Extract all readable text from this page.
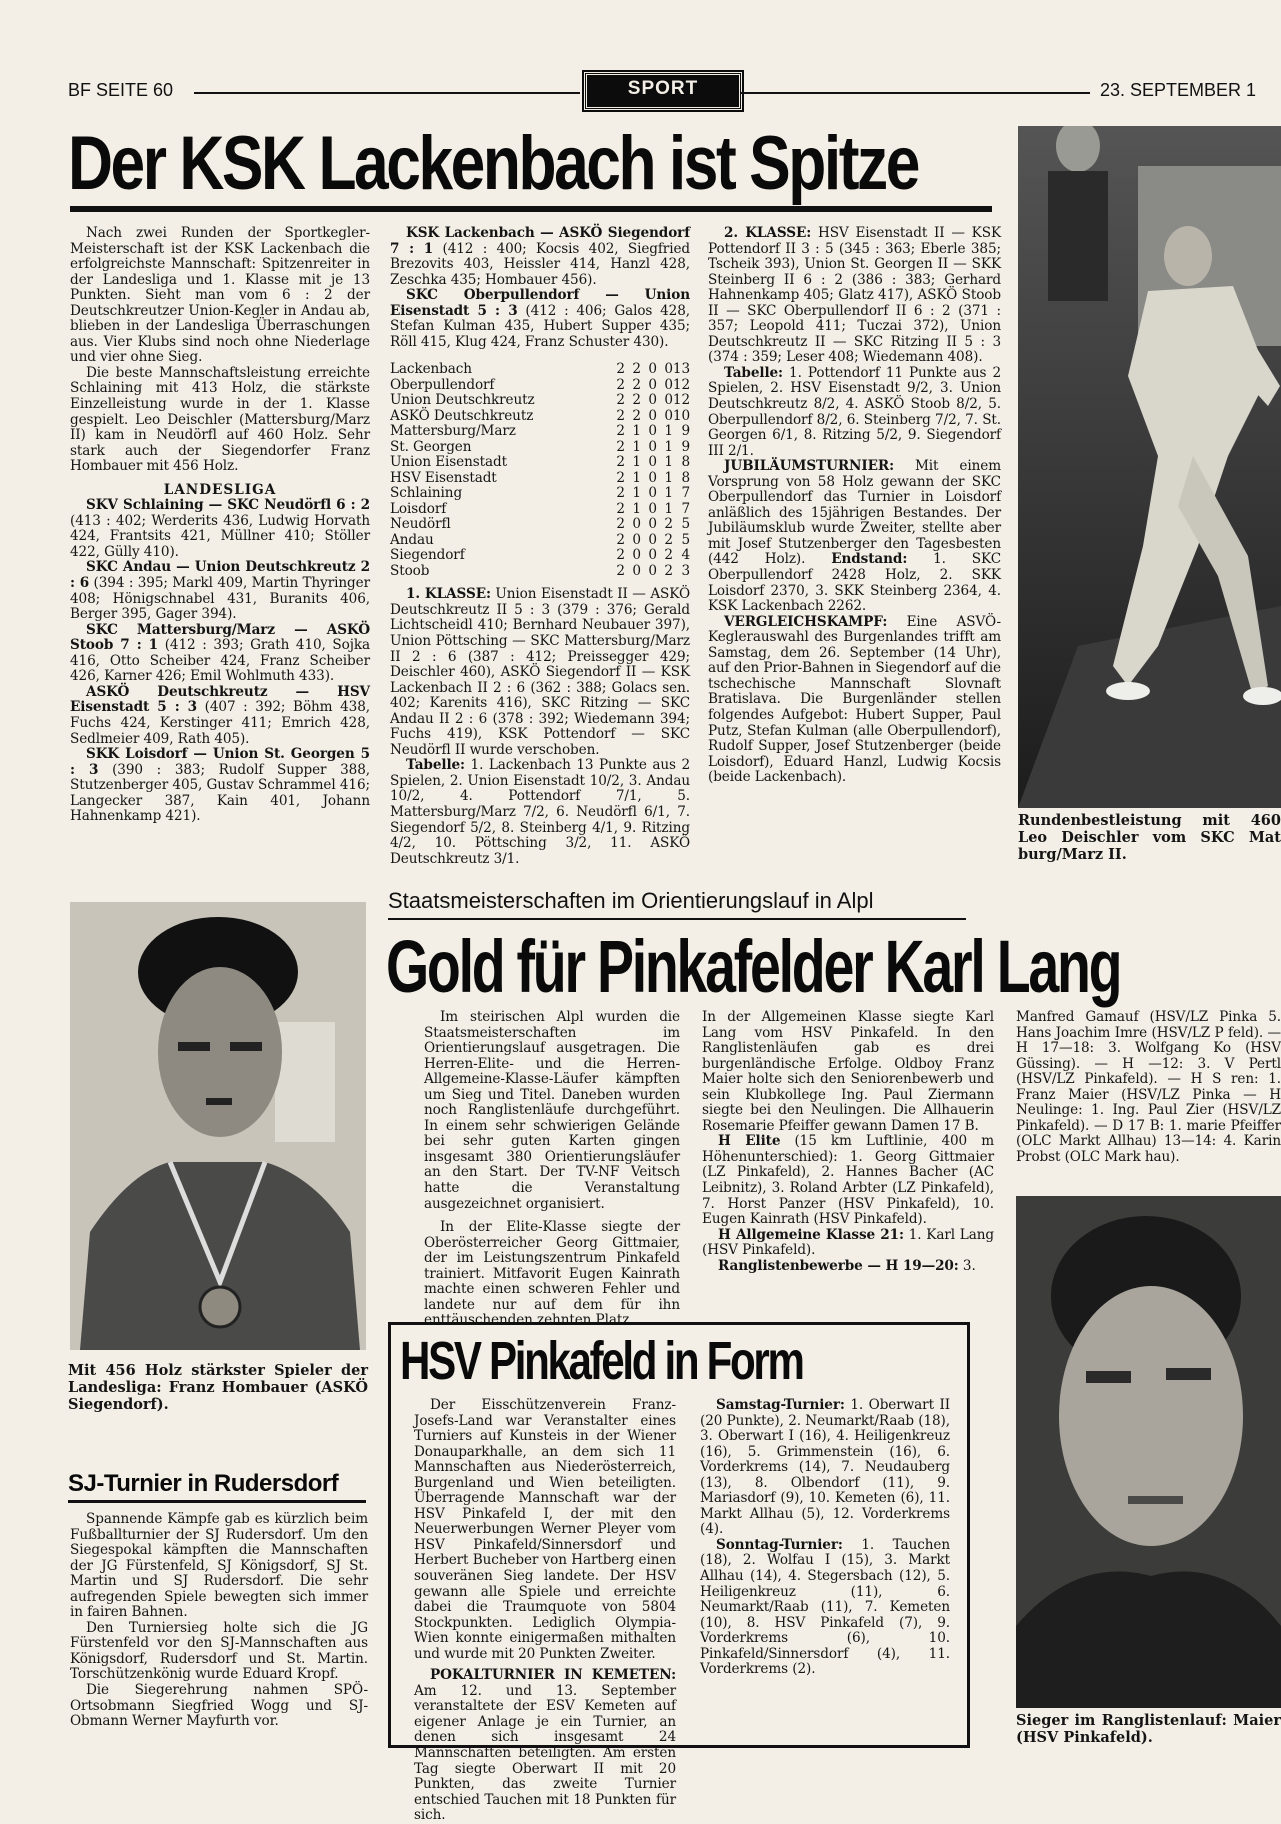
BF SEITE 60	SPORT	23. SEPTEMBER 1
Der KSK Lackenbach ist Spitze

Nach zwei Runden der Sportkegler-Meisterschaft ist der KSK Lackenbach die erfolgreichste Mannschaft: Spitzenreiter in der Landesliga und 1. Klasse mit je 13 Punkten. Sieht man vom 6 : 2 der Deutschkreutzer Union-Kegler in Andau ab, blieben in der Landesliga Überraschungen aus. Vier Klubs sind noch ohne Niederlage und vier ohne Sieg.

Die beste Mannschaftsleistung erreichte Schlaining mit 413 Holz, die stärkste Einzelleistung wurde in der 1. Klasse gespielt. Leo Deischler (Mattersburg/Marz II) kam in Neudörfl auf 460 Holz. Sehr stark auch der Siegendorfer Franz Hombauer mit 456 Holz.

LANDESLIGA

SKV Schlaining — SKC Neudörfl 6 : 2 (413 : 402; Werderits 436, Ludwig Horvath 424, Frantsits 421, Müllner 410; Stöller 422, Gülly 410).

SKC Andau — Union Deutschkreutz 2 : 6 (394 : 395; Markl 409, Martin Thyringer 408; Hönigschnabel 431, Buranits 406, Berger 395, Gager 394).

SKC Mattersburg/Marz — ASKÖ Stoob 7 : 1 (412 : 393; Grath 410, Sojka 416, Otto Scheiber 424, Franz Scheiber 426, Karner 426; Emil Wohlmuth 433).

ASKÖ Deutschkreutz — HSV Eisenstadt 5 : 3 (407 : 392; Böhm 438, Fuchs 424, Kerstinger 411; Emrich 428, Sedlmeier 409, Rath 405).

SKK Loisdorf — Union St. Georgen 5 : 3 (390 : 383; Rudolf Supper 388, Stutzenberger 405, Gustav Schrammel 416; Langecker 387, Kain 401, Johann Hahnenkamp 421).

KSK Lackenbach — ASKÖ Siegendorf 7 : 1 (412 : 400; Kocsis 402, Siegfried Brezovits 403, Heissler 414, Hanzl 428, Zeschka 435; Hombauer 456).

SKC Oberpullendorf — Union Eisenstadt 5 : 3 (412 : 406; Galos 428, Stefan Kulman 435, Hubert Supper 435; Röll 415, Klug 424, Franz Schuster 430).

Lackenbach	2	2	0	0	13
Oberpullendorf	2	2	0	0	12
Union Deutschkreutz	2	2	0	0	12
ASKÖ Deutschkreutz	2	2	0	0	10
Mattersburg/Marz	2	1	0	1	9
St. Georgen	2	1	0	1	9
Union Eisenstadt	2	1	0	1	8
HSV Eisenstadt	2	1	0	1	8
Schlaining	2	1	0	1	7
Loisdorf	2	1	0	1	7
Neudörfl	2	0	0	2	5
Andau	2	0	0	2	5
Siegendorf	2	0	0	2	4
Stoob	2	0	0	2	3

1. KLASSE: Union Eisenstadt II — ASKÖ Deutschkreutz II 5 : 3 (379 : 376; Gerald Lichtscheidl 410; Bernhard Neubauer 397), Union Pöttsching — SKC Mattersburg/Marz II 2 : 6 (387 : 412; Preissegger 429; Deischler 460), ASKÖ Siegendorf II — KSK Lackenbach II 2 : 6 (362 : 388; Golacs sen. 402; Karenits 416), SKC Ritzing — SKC Andau II 2 : 6 (378 : 392; Wiedemann 394; Fuchs 419), KSK Pottendorf — SKC Neudörfl II wurde verschoben.

Tabelle: 1. Lackenbach 13 Punkte aus 2 Spielen, 2. Union Eisenstadt 10/2, 3. Andau 10/2, 4. Pottendorf 7/1, 5. Mattersburg/Marz 7/2, 6. Neudörfl 6/1, 7. Siegendorf 5/2, 8. Steinberg 4/1, 9. Ritzing 4/2, 10. Pöttsching 3/2, 11. ASKÖ Deutschkreutz 3/1.

2. KLASSE: HSV Eisenstadt II — KSK Pottendorf II 3 : 5 (345 : 363; Eberle 385; Tscheik 393), Union St. Georgen II — SKK Steinberg II 6 : 2 (386 : 383; Gerhard Hahnenkamp 405; Glatz 417), ASKÖ Stoob II — SKC Oberpullendorf II 6 : 2 (371 : 357; Leopold 411; Tuczai 372), Union Deutschkreutz II — SKC Ritzing II 5 : 3 (374 : 359; Leser 408; Wiedemann 408).

Tabelle: 1. Pottendorf 11 Punkte aus 2 Spielen, 2. HSV Eisenstadt 9/2, 3. Union Deutschkreutz 8/2, 4. ASKÖ Stoob 8/2, 5. Oberpullendorf 8/2, 6. Steinberg 7/2, 7. St. Georgen 6/1, 8. Ritzing 5/2, 9. Siegendorf III 2/1.

JUBILÄUMSTURNIER: Mit einem Vorsprung von 58 Holz gewann der SKC Oberpullendorf das Turnier in Loisdorf anläßlich des 15jährigen Bestandes. Der Jubiläumsklub wurde Zweiter, stellte aber mit Josef Stutzenberger den Tagesbesten (442 Holz). Endstand: 1. SKC Oberpullendorf 2428 Holz, 2. SKK Loisdorf 2370, 3. SKK Steinberg 2364, 4. KSK Lackenbach 2262.

VERGLEICHSKAMPF: Eine ASVÖ-Keglerauswahl des Burgenlandes trifft am Samstag, dem 26. September (14 Uhr), auf den Prior-Bahnen in Siegendorf auf die tschechische Mannschaft Slovnaft Bratislava. Die Burgenländer stellen folgendes Aufgebot: Hubert Supper, Paul Putz, Stefan Kulman (alle Oberpullendorf), Rudolf Supper, Josef Stutzenberger (beide Loisdorf), Eduard Hanzl, Ludwig Kocsis (beide Lackenbach).

Rundenbestleistung mit 460 Leo Deischler vom SKC Mat burg/Marz II.
Staatsmeisterschaften im Orientierungslauf in Alpl
Gold für Pinkafelder Karl Lang

Im steirischen Alpl wurden die Staatsmeisterschaften im Orientierungslauf ausgetragen. Die Herren-Elite- und die Herren-Allgemeine-Klasse-Läufer kämpften um Sieg und Titel. Daneben wurden noch Ranglistenläufe durchgeführt. In einem sehr schwierigen Gelände bei sehr guten Karten gingen insgesamt 380 Orientierungsläufer an den Start. Der TV-NF Veitsch hatte die Veranstaltung ausgezeichnet organisiert.

In der Elite-Klasse siegte der Oberösterreicher Georg Gittmaier, der im Leistungszentrum Pinkafeld trainiert. Mitfavorit Eugen Kainrath machte einen schweren Fehler und landete nur auf dem für ihn enttäuschenden zehnten Platz.

In der Allgemeinen Klasse siegte Karl Lang vom HSV Pinkafeld. In den Ranglistenläufen gab es drei burgenländische Erfolge. Oldboy Franz Maier holte sich den Seniorenbewerb und sein Klubkollege Ing. Paul Ziermann siegte bei den Neulingen. Die Allhauerin Rosemarie Pfeiffer gewann Damen 17 B.

H Elite (15 km Luftlinie, 400 m Höhenunterschied): 1. Georg Gittmaier (LZ Pinkafeld), 2. Hannes Bacher (AC Leibnitz), 3. Roland Arbter (LZ Pinkafeld), 7. Horst Panzer (HSV Pinkafeld), 10. Eugen Kainrath (HSV Pinkafeld).

H Allgemeine Klasse 21: 1. Karl Lang (HSV Pinkafeld).

Ranglistenbewerbe — H 19—20: 3.

Manfred Gamauf (HSV/LZ Pinka 5. Hans Joachim Imre (HSV/LZ P feld). — H 17—18: 3. Wolfgang Ko (HSV Güssing). — H —12: 3. V Pertl (HSV/LZ Pinkafeld). — H S ren: 1. Franz Maier (HSV/LZ Pinka — H Neulinge: 1. Ing. Paul Zier (HSV/LZ Pinkafeld). — D 17 B: 1. marie Pfeiffer (OLC Markt Allhau) 13—14: 4. Karin Probst (OLC Mark hau).

Sieger im Ranglistenlauf: Maier (HSV Pinkafeld).
Mit 456 Holz stärkster Spieler der Landesliga: Franz Hombauer (ASKÖ Siegendorf).
SJ-Turnier in Rudersdorf

Spannende Kämpfe gab es kürzlich beim Fußballturnier der SJ Rudersdorf. Um den Siegespokal kämpften die Mannschaften der JG Fürstenfeld, SJ Königsdorf, SJ St. Martin und SJ Rudersdorf. Die sehr aufregenden Spiele bewegten sich immer in fairen Bahnen.

Den Turniersieg holte sich die JG Fürstenfeld vor den SJ-Mannschaften aus Königsdorf, Rudersdorf und St. Martin. Torschützenkönig wurde Eduard Kropf.

Die Siegerehrung nahmen SPÖ-Ortsobmann Siegfried Wogg und SJ-Obmann Werner Mayfurth vor.

HSV Pinkafeld in Form

Der Eisschützenverein Franz-Josefs-Land war Veranstalter eines Turniers auf Kunsteis in der Wiener Donauparkhalle, an dem sich 11 Mannschaften aus Niederösterreich, Burgenland und Wien beteiligten. Überragende Mannschaft war der HSV Pinkafeld I, der mit den Neuerwerbungen Werner Pleyer vom HSV Pinkafeld/Sinnersdorf und Herbert Bucheber von Hartberg einen souveränen Sieg landete. Der HSV gewann alle Spiele und erreichte dabei die Traumquote von 5804 Stockpunkten. Lediglich Olympia-Wien konnte einigermaßen mithalten und wurde mit 20 Punkten Zweiter.

POKALTURNIER IN KEMETEN: Am 12. und 13. September veranstaltete der ESV Kemeten auf eigener Anlage je ein Turnier, an denen sich insgesamt 24 Mannschaften beteiligten. Am ersten Tag siegte Oberwart II mit 20 Punkten, das zweite Turnier entschied Tauchen mit 18 Punkten für sich.

Samstag-Turnier: 1. Oberwart II (20 Punkte), 2. Neumarkt/Raab (18), 3. Oberwart I (16), 4. Heiligenkreuz (16), 5. Grimmenstein (16), 6. Vorderkrems (14), 7. Neudauberg (13), 8. Olbendorf (11), 9. Mariasdorf (9), 10. Kemeten (6), 11. Markt Allhau (5), 12. Vorderkrems (4).

Sonntag-Turnier: 1. Tauchen (18), 2. Wolfau I (15), 3. Markt Allhau (14), 4. Stegersbach (12), 5. Heiligenkreuz (11), 6. Neumarkt/Raab (11), 7. Kemeten (10), 8. HSV Pinkafeld (7), 9. Vorderkrems (6), 10. Pinkafeld/Sinnersdorf (4), 11. Vorderkrems (2).
